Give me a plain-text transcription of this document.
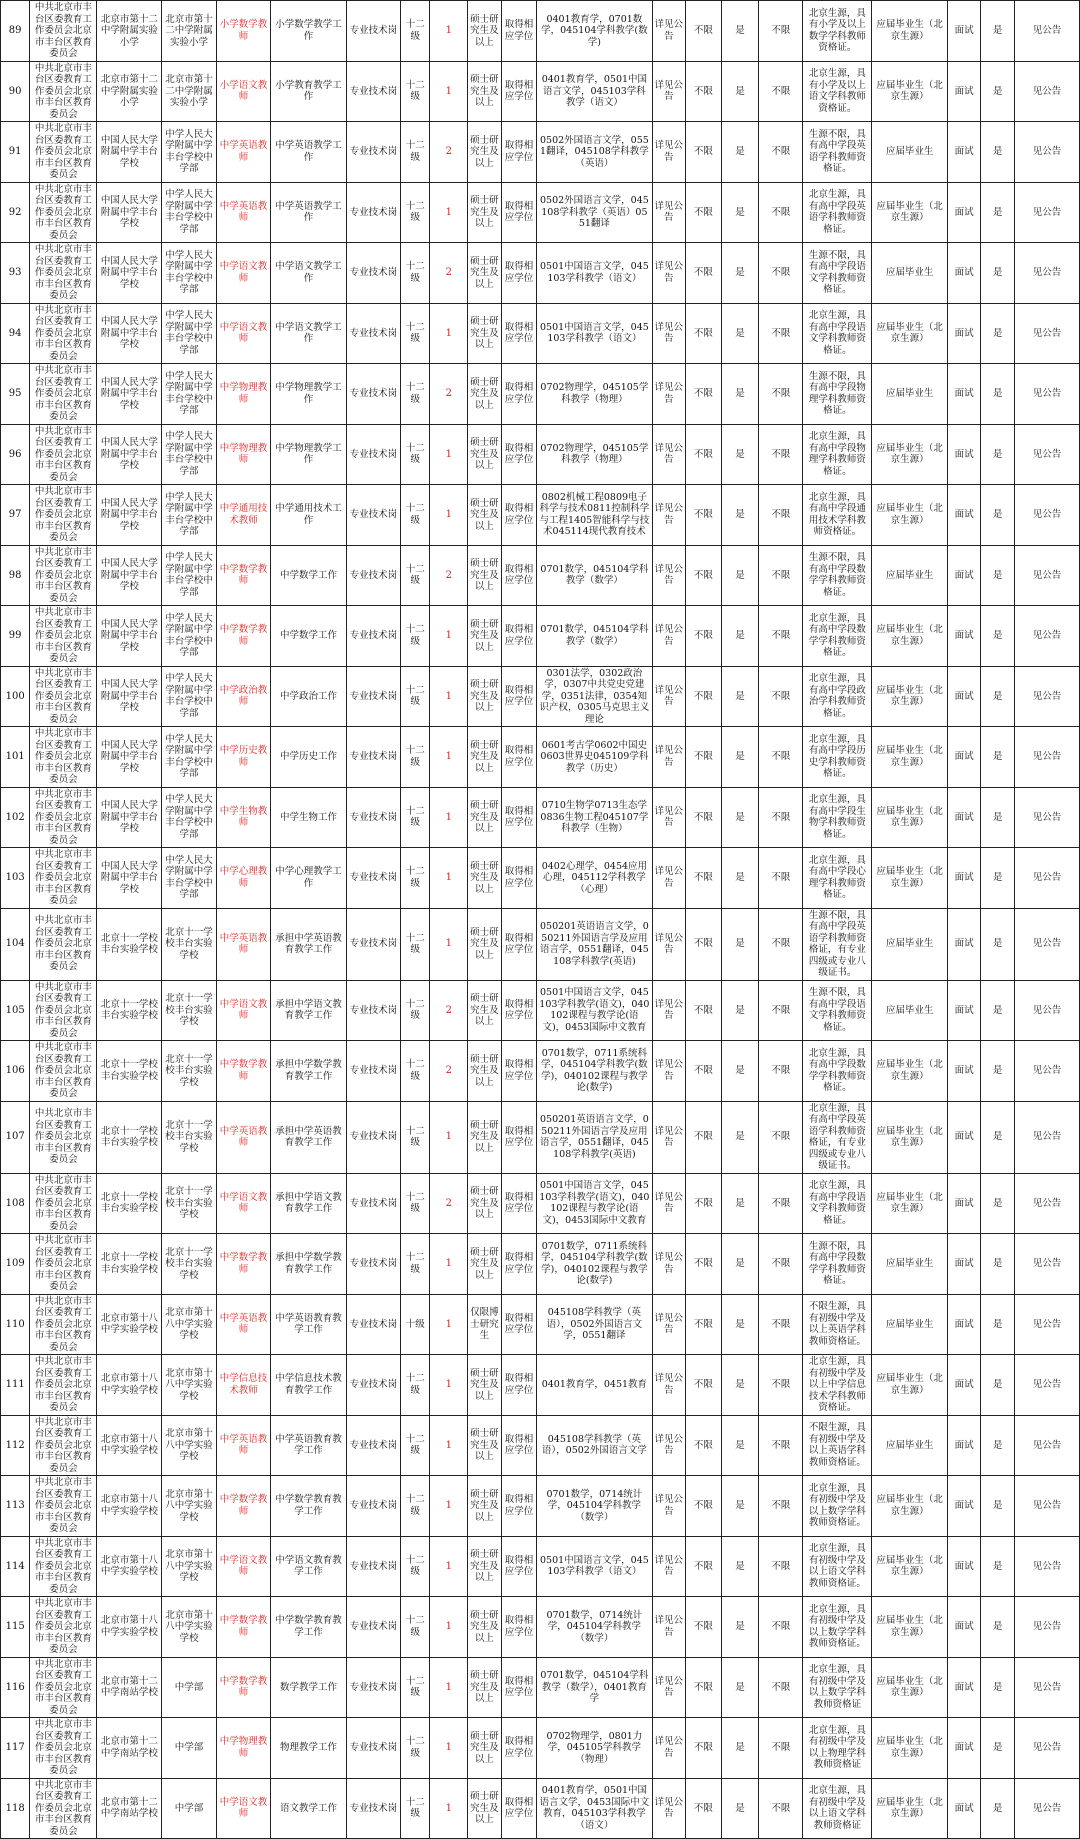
89	中共北京市丰台区委教育工作委员会北京市丰台区教育委员会	北京市第十二中学附属实验小学	北京市第十二中学附属实验小学	小学数学教师	小学数学教学工作	专业技术岗	十二级	1	硕士研究生及以上	取得相应学位	0401教育学，0701数学，045104学科教学(数学)	详见公告	不限	是	不限	北京生源，具有小学及以上数学学科教师资格证。	应届毕业生（北京生源）	面试	是	见公告
90	中共北京市丰台区委教育工作委员会北京市丰台区教育委员会	北京市第十二中学附属实验小学	北京市第十二中学附属实验小学	小学语文教师	小学教育教学工作	专业技术岗	十二级	1	硕士研究生及以上	取得相应学位	0401教育学，0501中国语言文学，045103学科教学（语文）	详见公告	不限	是	不限	北京生源，具有小学及以上语文学科教师资格证。	应届毕业生（北京生源）	面试	是	见公告
91	中共北京市丰台区委教育工作委员会北京市丰台区教育委员会	中国人民大学附属中学丰台学校	中学人民大学附属中学丰台学校中学部	中学英语教师	中学英语教学工作	专业技术岗	十二级	2	硕士研究生及以上	取得相应学位	0502外国语言文学，0551翻译，045108学科教学（英语）	详见公告	不限	是	不限	生源不限，具有高中学段英语学科教师资格证。	应届毕业生	面试	是	见公告
92	中共北京市丰台区委教育工作委员会北京市丰台区教育委员会	中国人民大学附属中学丰台学校	中学人民大学附属中学丰台学校中学部	中学英语教师	中学英语教学工作	专业技术岗	十二级	1	硕士研究生及以上	取得相应学位	0502外国语言文学，045108学科教学（英语）0551翻译	详见公告	不限	是	不限	北京生源，具有高中学段英语学科教师资格证。	应届毕业生（北京生源）	面试	是	见公告
93	中共北京市丰台区委教育工作委员会北京市丰台区教育委员会	中国人民大学附属中学丰台学校	中学人民大学附属中学丰台学校中学部	中学语文教师	中学语文教学工作	专业技术岗	十二级	2	硕士研究生及以上	取得相应学位	0501中国语言文学，045103学科教学（语文）	详见公告	不限	是	不限	生源不限，具有高中学段语文学科教师资格证。	应届毕业生	面试	是	见公告
94	中共北京市丰台区委教育工作委员会北京市丰台区教育委员会	中国人民大学附属中学丰台学校	中学人民大学附属中学丰台学校中学部	中学语文教师	中学语文教学工作	专业技术岗	十二级	1	硕士研究生及以上	取得相应学位	0501中国语言文学，045103学科教学（语文）	详见公告	不限	是	不限	北京生源，具有高中学段语文学科教师资格证。	应届毕业生（北京生源）	面试	是	见公告
95	中共北京市丰台区委教育工作委员会北京市丰台区教育委员会	中国人民大学附属中学丰台学校	中学人民大学附属中学丰台学校中学部	中学物理教师	中学物理教学工作	专业技术岗	十二级	2	硕士研究生及以上	取得相应学位	0702物理学，045105学科教学（物理）	详见公告	不限	是	不限	生源不限，具有高中学段物理学科教师资格证。	应届毕业生	面试	是	见公告
96	中共北京市丰台区委教育工作委员会北京市丰台区教育委员会	中国人民大学附属中学丰台学校	中学人民大学附属中学丰台学校中学部	中学物理教师	中学物理教学工作	专业技术岗	十二级	1	硕士研究生及以上	取得相应学位	0702物理学，045105学科教学（物理）	详见公告	不限	是	不限	北京生源，具有高中学段物理学科教师资格证。	应届毕业生（北京生源）	面试	是	见公告
97	中共北京市丰台区委教育工作委员会北京市丰台区教育委员会	中国人民大学附属中学丰台学校	中学人民大学附属中学丰台学校中学部	中学通用技术教师	中学通用技术工作	专业技术岗	十二级	1	硕士研究生及以上	取得相应学位	0802机械工程0809电子科学与技术0811控制科学与工程1405智能科学与技术045114现代教育技术	详见公告	不限	是	不限	北京生源，具有高中学段通用技术学科教师资格证。	应届毕业生（北京生源）	面试	是	见公告
98	中共北京市丰台区委教育工作委员会北京市丰台区教育委员会	中国人民大学附属中学丰台学校	中学人民大学附属中学丰台学校中学部	中学数学教师	中学数学工作	专业技术岗	十二级	2	硕士研究生及以上	取得相应学位	0701数学，045104学科教学（数学）	详见公告	不限	是	不限	生源不限，具有高中学段数学学科教师资格证。	应届毕业生	面试	是	见公告
99	中共北京市丰台区委教育工作委员会北京市丰台区教育委员会	中国人民大学附属中学丰台学校	中学人民大学附属中学丰台学校中学部	中学数学教师	中学数学工作	专业技术岗	十二级	1	硕士研究生及以上	取得相应学位	0701数学，045104学科教学（数学）	详见公告	不限	是	不限	北京生源，具有高中学段数学学科教师资格证。	应届毕业生（北京生源）	面试	是	见公告
100	中共北京市丰台区委教育工作委员会北京市丰台区教育委员会	中国人民大学附属中学丰台学校	中学人民大学附属中学丰台学校中学部	中学政治教师	中学政治工作	专业技术岗	十二级	1	硕士研究生及以上	取得相应学位	0301法学，0302政治学，0307中共党史党建学，0351法律，0354知识产权，0305马克思主义理论	详见公告	不限	是	不限	北京生源，具有高中学段政治学科教师资格证。	应届毕业生（北京生源）	面试	是	见公告
101	中共北京市丰台区委教育工作委员会北京市丰台区教育委员会	中国人民大学附属中学丰台学校	中学人民大学附属中学丰台学校中学部	中学历史教师	中学历史工作	专业技术岗	十二级	1	硕士研究生及以上	取得相应学位	0601考古学0602中国史0603世界史045109学科教学（历史）	详见公告	不限	是	不限	北京生源，具有高中学段历史学科教师资格证。	应届毕业生（北京生源）	面试	是	见公告
102	中共北京市丰台区委教育工作委员会北京市丰台区教育委员会	中国人民大学附属中学丰台学校	中学人民大学附属中学丰台学校中学部	中学生物教师	中学生物工作	专业技术岗	十二级	1	硕士研究生及以上	取得相应学位	0710生物学0713生态学0836生物工程045107学科教学（生物）	详见公告	不限	是	不限	北京生源，具有高中学段生物学科教师资格证。	应届毕业生（北京生源）	面试	是	见公告
103	中共北京市丰台区委教育工作委员会北京市丰台区教育委员会	中国人民大学附属中学丰台学校	中学人民大学附属中学丰台学校中学部	中学心理教师	中学心理教学工作	专业技术岗	十二级	1	硕士研究生及以上	取得相应学位	0402心理学，0454应用心理，045112学科教学（心理）	详见公告	不限	是	不限	北京生源，具有高中学段心理学科教师资格证。	应届毕业生（北京生源）	面试	是	见公告
104	中共北京市丰台区委教育工作委员会北京市丰台区教育委员会	北京十一学校丰台实验学校	北京十一学校丰台实验学校	中学英语教师	承担中学英语教育教学工作	专业技术岗	十二级	1	硕士研究生及以上	取得相应学位	050201英语语言文学，050211外国语言学及应用语言学，0551翻译，045108学科教学(英语)	详见公告	不限	是	不限	生源不限，具有高中学段英语学科教师资格证，有专业四级或专业八级证书。	应届毕业生	面试	是	见公告
105	中共北京市丰台区委教育工作委员会北京市丰台区教育委员会	北京十一学校丰台实验学校	北京十一学校丰台实验学校	中学语文教师	承担中学语文教育教学工作	专业技术岗	十二级	2	硕士研究生及以上	取得相应学位	0501中国语言文学，045103学科教学(语文)，040102课程与教学论(语文)，0453国际中文教育	详见公告	不限	是	不限	生源不限，具有高中学段语文学科教师资格证。	应届毕业生	面试	是	见公告
106	中共北京市丰台区委教育工作委员会北京市丰台区教育委员会	北京十一学校丰台实验学校	北京十一学校丰台实验学校	中学数学教师	承担中学数学教育教学工作	专业技术岗	十二级	2	硕士研究生及以上	取得相应学位	0701数学，0711系统科学，045104学科教学(数学)，040102课程与教学论(数学)	详见公告	不限	是	不限	北京生源，具有高中学段数学学科教师资格证。	应届毕业生（北京生源）	面试	是	见公告
107	中共北京市丰台区委教育工作委员会北京市丰台区教育委员会	北京十一学校丰台实验学校	北京十一学校丰台实验学校	中学英语教师	承担中学英语教育教学工作	专业技术岗	十二级	1	硕士研究生及以上	取得相应学位	050201英语语言文学，050211外国语言学及应用语言学，0551翻译，045108学科教学(英语)	详见公告	不限	是	不限	北京生源，具有高中学段英语学科教师资格证，有专业四级或专业八级证书。	应届毕业生（北京生源）	面试	是	见公告
108	中共北京市丰台区委教育工作委员会北京市丰台区教育委员会	北京十一学校丰台实验学校	北京十一学校丰台实验学校	中学语文教师	承担中学语文教育教学工作	专业技术岗	十二级	2	硕士研究生及以上	取得相应学位	0501中国语言文学，045103学科教学(语文)，040102课程与教学论(语文)，0453国际中文教育	详见公告	不限	是	不限	北京生源，具有高中学段语文学科教师资格证。	应届毕业生（北京生源）	面试	是	见公告
109	中共北京市丰台区委教育工作委员会北京市丰台区教育委员会	北京十一学校丰台实验学校	北京十一学校丰台实验学校	中学数学教师	承担中学数学教育教学工作	专业技术岗	十二级	1	硕士研究生及以上	取得相应学位	0701数学，0711系统科学，045104学科教学(数学)，040102课程与教学论(数学)	详见公告	不限	是	不限	生源不限，具有高中学段数学学科教师资格证。	应届毕业生	面试	是	见公告
110	中共北京市丰台区委教育工作委员会北京市丰台区教育委员会	北京市第十八中学实验学校	北京市第十八中学实验学校	中学英语教师	中学英语教育教学工作	专业技术岗	十级	1	仅限博士研究生	取得相应学位	045108学科教学（英语），0502外国语言文学，0551翻译	详见公告	不限	是	不限	不限生源，具有初级中学及以上英语学科教师资格证。	应届毕业生	面试	是	见公告
111	中共北京市丰台区委教育工作委员会北京市丰台区教育委员会	北京市第十八中学实验学校	北京市第十八中学实验学校	中学信息技术教师	中学信息技术教育教学工作	专业技术岗	十二级	1	硕士研究生及以上	取得相应学位	0401教育学，0451教育	详见公告	不限	是	不限	北京生源，具有初级中学及以上中学信息技术学科教师资格证。	应届毕业生（北京生源）	面试	是	见公告
112	中共北京市丰台区委教育工作委员会北京市丰台区教育委员会	北京市第十八中学实验学校	北京市第十八中学实验学校	中学英语教师	中学英语教育教学工作	专业技术岗	十二级	1	硕士研究生及以上	取得相应学位	045108学科教学（英语），0502外国语言文学	详见公告	不限	是	不限	不限生源，具有初级中学及以上英语学科教师资格证。	应届毕业生	面试	是	见公告
113	中共北京市丰台区委教育工作委员会北京市丰台区教育委员会	北京市第十八中学实验学校	北京市第十八中学实验学校	中学数学教师	中学数学教育教学工作	专业技术岗	十二级	1	硕士研究生及以上	取得相应学位	0701数学，0714统计学，045104学科教学（数学）	详见公告	不限	是	不限	北京生源，具有初级中学及以上数学学科教师资格证。	应届毕业生（北京生源）	面试	是	见公告
114	中共北京市丰台区委教育工作委员会北京市丰台区教育委员会	北京市第十八中学实验学校	北京市第十八中学实验学校	中学语文教师	中学语文教育教学工作	专业技术岗	十二级	1	硕士研究生及以上	取得相应学位	0501中国语言文学，045103学科教学（语文）	详见公告	不限	是	不限	北京生源，具有初级中学及以上语文学科教师资格证。	应届毕业生（北京生源）	面试	是	见公告
115	中共北京市丰台区委教育工作委员会北京市丰台区教育委员会	北京市第十八中学实验学校	北京市第十八中学实验学校	中学数学教师	中学数学教育教学工作	专业技术岗	十二级	1	硕士研究生及以上	取得相应学位	0701数学，0714统计学，045104学科教学（数学）	详见公告	不限	是	不限	北京生源，具有初级中学及以上数学学科教师资格证。	应届毕业生（北京生源）	面试	是	见公告
116	中共北京市丰台区委教育工作委员会北京市丰台区教育委员会	北京市第十二中学南站学校	中学部	中学数学教师	数学教学工作	专业技术岗	十二级	1	硕士研究生及以上	取得相应学位	0701数学，045104学科教学（数学），0401教育学	详见公告	不限	是	不限	北京生源，具有初级中学及以上数学学科教师资格证	应届毕业生（北京生源）	面试	是	见公告
117	中共北京市丰台区委教育工作委员会北京市丰台区教育委员会	北京市第十二中学南站学校	中学部	中学物理教师	物理教学工作	专业技术岗	十二级	1	硕士研究生及以上	取得相应学位	0702物理学，0801力学，045105学科教学（物理）	详见公告	不限	是	不限	北京生源，具有初级中学及以上物理学科教师资格证	应届毕业生（北京生源）	面试	是	见公告
118	中共北京市丰台区委教育工作委员会北京市丰台区教育委员会	北京市第十二中学南站学校	中学部	中学语文教师	语文教学工作	专业技术岗	十二级	1	硕士研究生及以上	取得相应学位	0401教育学，0501中国语言文学，0453国际中文教育，045103学科教学（语文）	详见公告	不限	是	不限	北京生源，具有初级中学及以上语文学科教师资格证	应届毕业生（北京生源）	面试	是	见公告
